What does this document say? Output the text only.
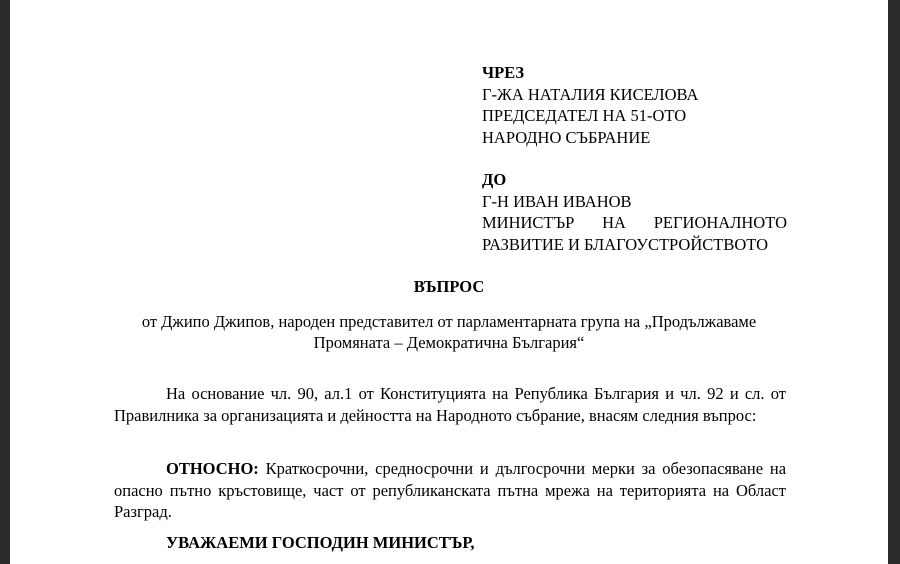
ЧРЕЗ
Г-ЖА НАТАЛИЯ КИСЕЛОВА
ПРЕДСЕДАТЕЛ НА 51-ОТО
НАРОДНО СЪБРАНИЕ
ДО
Г-Н ИВАН ИВАНОВ
МИНИСТЪР НА РЕГИОНАЛНОТО
РАЗВИТИЕ И БЛАГОУСТРОЙСТВОТО
ВЪПРОС
от Джипо Джипов, народен представител от парламентарната група на „Продължаваме
Промяната – Демократична България“
На основание чл. 90, ал.1 от Конституцията на Република България и чл. 92 и сл. от Правилника за организацията и дейността на Народното събрание, внасям следния въпрос:
ОТНОСНО: Краткосрочни, средносрочни и дългосрочни мерки за обезопасяване на опасно пътно кръстовище, част от републиканската пътна мрежа на територията на Област Разград.
УВАЖАЕМИ ГОСПОДИН МИНИСТЪР,
